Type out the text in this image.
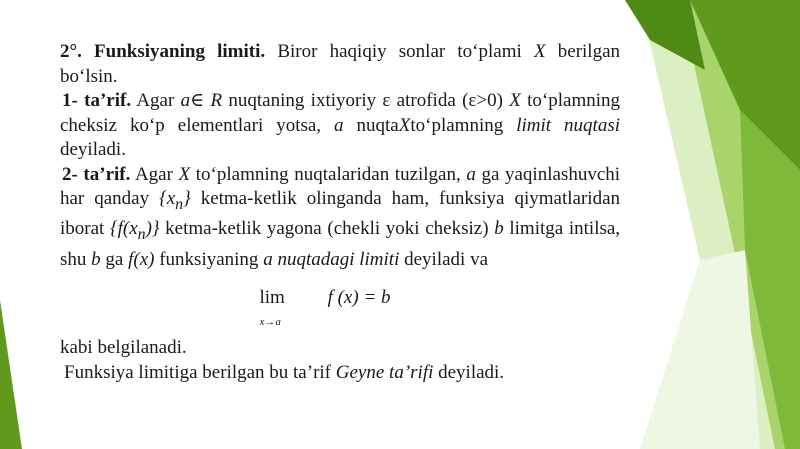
2°. Funksiyaning limiti. Biror haqiqiy sonlar to‘plami X berilgan bo‘lsin.

1- ta’rif. Agar a∈ R nuqtaning ixtiyoriy ε atrofida (ε>0) X to‘plamning cheksiz ko‘p elementlari yotsa, a nuqtaXto‘plamning limit nuqtasi deyiladi.

2- ta’rif. Agar X to‘plamning nuqtalaridan tuzilgan, a ga yaqinlashuvchi har qanday $\{x_n\}$ ketma-ketlik olinganda ham, funksiya qiymatlaridan iborat $\{f(x_n)\}$ ketma-ketlik yagona (chekli yoki cheksiz) b limitga intilsa, shu b ga f(x) funksiyaning a nuqtadagi limiti deyiladi va

lim
x→a
f (x) = b

kabi belgilanadi.

Funksiya limitiga berilgan bu ta’rif Geyne ta’rifi deyiladi.
